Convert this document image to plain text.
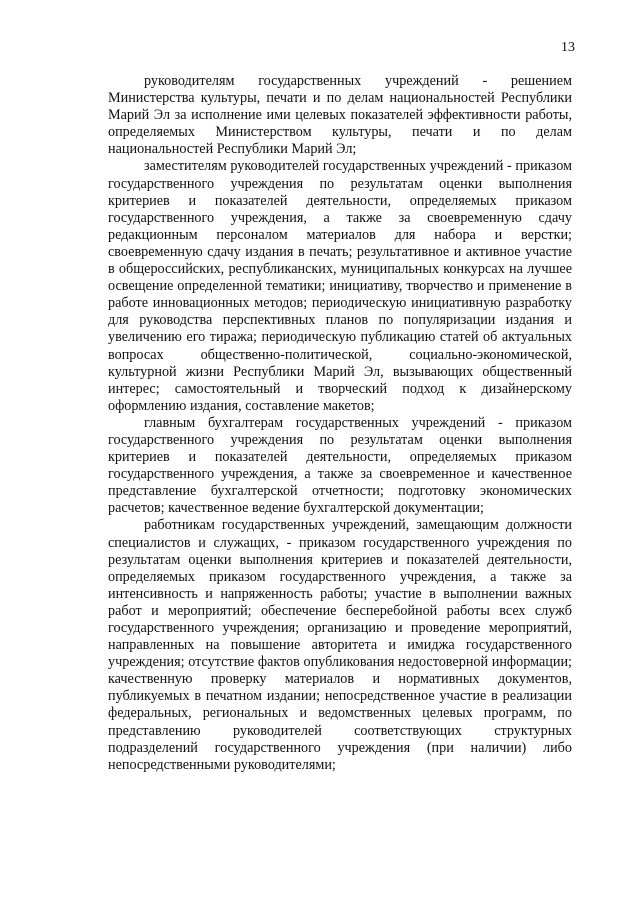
13

руководителям государственных учреждений - решением Министерства культуры, печати и по делам национальностей Республики Марий Эл за исполнение ими целевых показателей эффективности работы, определяемых Министерством культуры, печати и по делам национальностей Республики Марий Эл;

заместителям руководителей государственных учреждений - приказом государственного учреждения по результатам оценки выполнения критериев и показателей деятельности, определяемых приказом государственного учреждения, а также за своевременную сдачу редакционным персоналом материалов для набора и верстки; своевременную сдачу издания в печать; результативное и активное участие в общероссийских, республиканских, муниципальных конкурсах на лучшее освещение определенной тематики; инициативу, творчество и применение в работе инновационных методов; периодическую инициативную разработку для руководства перспективных планов по популяризации издания и увеличению его тиража; периодическую публикацию статей об актуальных вопросах общественно-политической, социально-экономической, культурной жизни Республики Марий Эл, вызывающих общественный интерес; самостоятельный и творческий подход к дизайнерскому оформлению издания, составление макетов;

главным бухгалтерам государственных учреждений - приказом государственного учреждения по результатам оценки выполнения критериев и показателей деятельности, определяемых приказом государственного учреждения, а также за своевременное и качественное представление бухгалтерской отчетности; подготовку экономических расчетов; качественное ведение бухгалтерской документации;

работникам государственных учреждений, замещающим должности специалистов и служащих, - приказом государственного учреждения по результатам оценки выполнения критериев и показателей деятельности, определяемых приказом государственного учреждения, а также за интенсивность и напряженность работы; участие в выполнении важных работ и мероприятий; обеспечение бесперебойной работы всех служб государственного учреждения; организацию и проведение мероприятий, направленных на повышение авторитета и имиджа государственного учреждения; отсутствие фактов опубликования недостоверной информации; качественную проверку материалов и нормативных документов, публикуемых в печатном издании; непосредственное участие в реализации федеральных, региональных и ведомственных целевых программ, по представлению руководителей соответствующих структурных подразделений государственного учреждения (при наличии) либо непосредственными руководителями;
